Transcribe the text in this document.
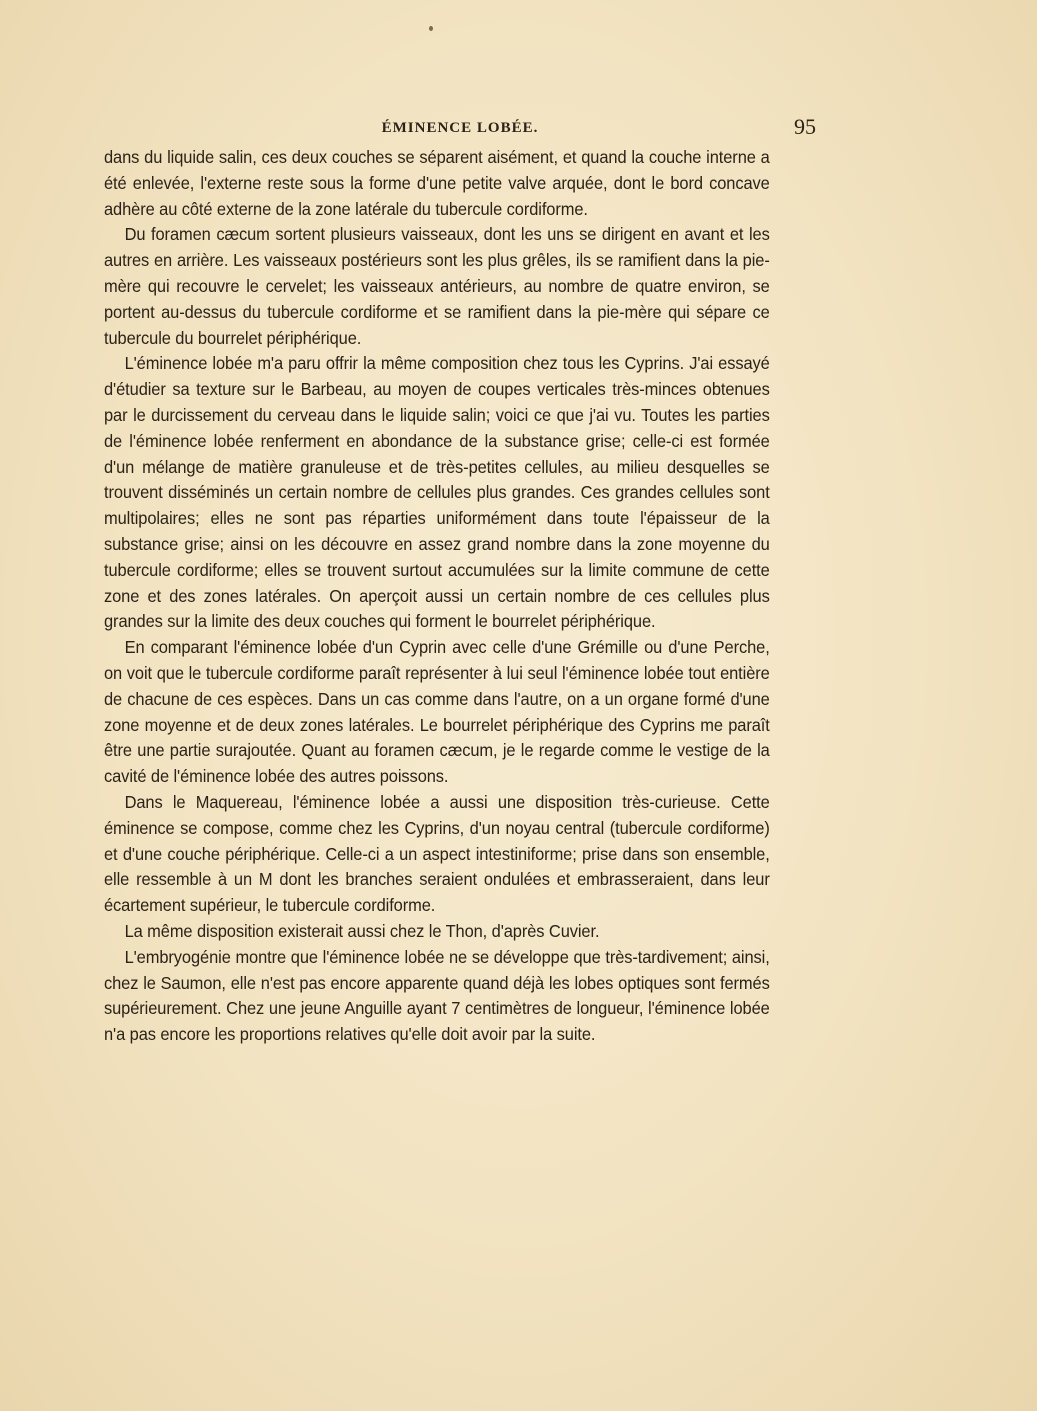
ÉMINENCE LOBÉE.	95

dans du liquide salin, ces deux couches se séparent aisément, et quand la couche interne a été enlevée, l'externe reste sous la forme d'une petite valve arquée, dont le bord concave adhère au côté externe de la zone latérale du tubercule cordiforme.

Du foramen cæcum sortent plusieurs vaisseaux, dont les uns se dirigent en avant et les autres en arrière. Les vaisseaux postérieurs sont les plus grêles, ils se ramifient dans la pie-mère qui recouvre le cervelet; les vaisseaux antérieurs, au nombre de quatre environ, se portent au-dessus du tubercule cordiforme et se ramifient dans la pie-mère qui sépare ce tubercule du bourrelet périphérique.

L'éminence lobée m'a paru offrir la même composition chez tous les Cyprins. J'ai essayé d'étudier sa texture sur le Barbeau, au moyen de coupes verticales très-minces obtenues par le durcissement du cerveau dans le liquide salin; voici ce que j'ai vu. Toutes les parties de l'éminence lobée renferment en abondance de la substance grise; celle-ci est formée d'un mélange de matière granuleuse et de très-petites cellules, au milieu desquelles se trouvent disséminés un certain nombre de cellules plus grandes. Ces grandes cellules sont multipolaires; elles ne sont pas réparties uniformément dans toute l'épaisseur de la substance grise; ainsi on les découvre en assez grand nombre dans la zone moyenne du tubercule cordiforme; elles se trouvent surtout accumulées sur la limite commune de cette zone et des zones latérales. On aperçoit aussi un certain nombre de ces cellules plus grandes sur la limite des deux couches qui forment le bourrelet périphérique.

En comparant l'éminence lobée d'un Cyprin avec celle d'une Grémille ou d'une Perche, on voit que le tubercule cordiforme paraît représenter à lui seul l'éminence lobée tout entière de chacune de ces espèces. Dans un cas comme dans l'autre, on a un organe formé d'une zone moyenne et de deux zones latérales. Le bourrelet périphérique des Cyprins me paraît être une partie surajoutée. Quant au foramen cæcum, je le regarde comme le vestige de la cavité de l'éminence lobée des autres poissons.

Dans le Maquereau, l'éminence lobée a aussi une disposition très-curieuse. Cette éminence se compose, comme chez les Cyprins, d'un noyau central (tubercule cordiforme) et d'une couche périphérique. Celle-ci a un aspect intestiniforme; prise dans son ensemble, elle ressemble à un M dont les branches seraient ondulées et embrasseraient, dans leur écartement supérieur, le tubercule cordiforme.

La même disposition existerait aussi chez le Thon, d'après Cuvier.

L'embryogénie montre que l'éminence lobée ne se développe que très-tardivement; ainsi, chez le Saumon, elle n'est pas encore apparente quand déjà les lobes optiques sont fermés supérieurement. Chez une jeune Anguille ayant 7 centimètres de longueur, l'éminence lobée n'a pas encore les proportions relatives qu'elle doit avoir par la suite.
